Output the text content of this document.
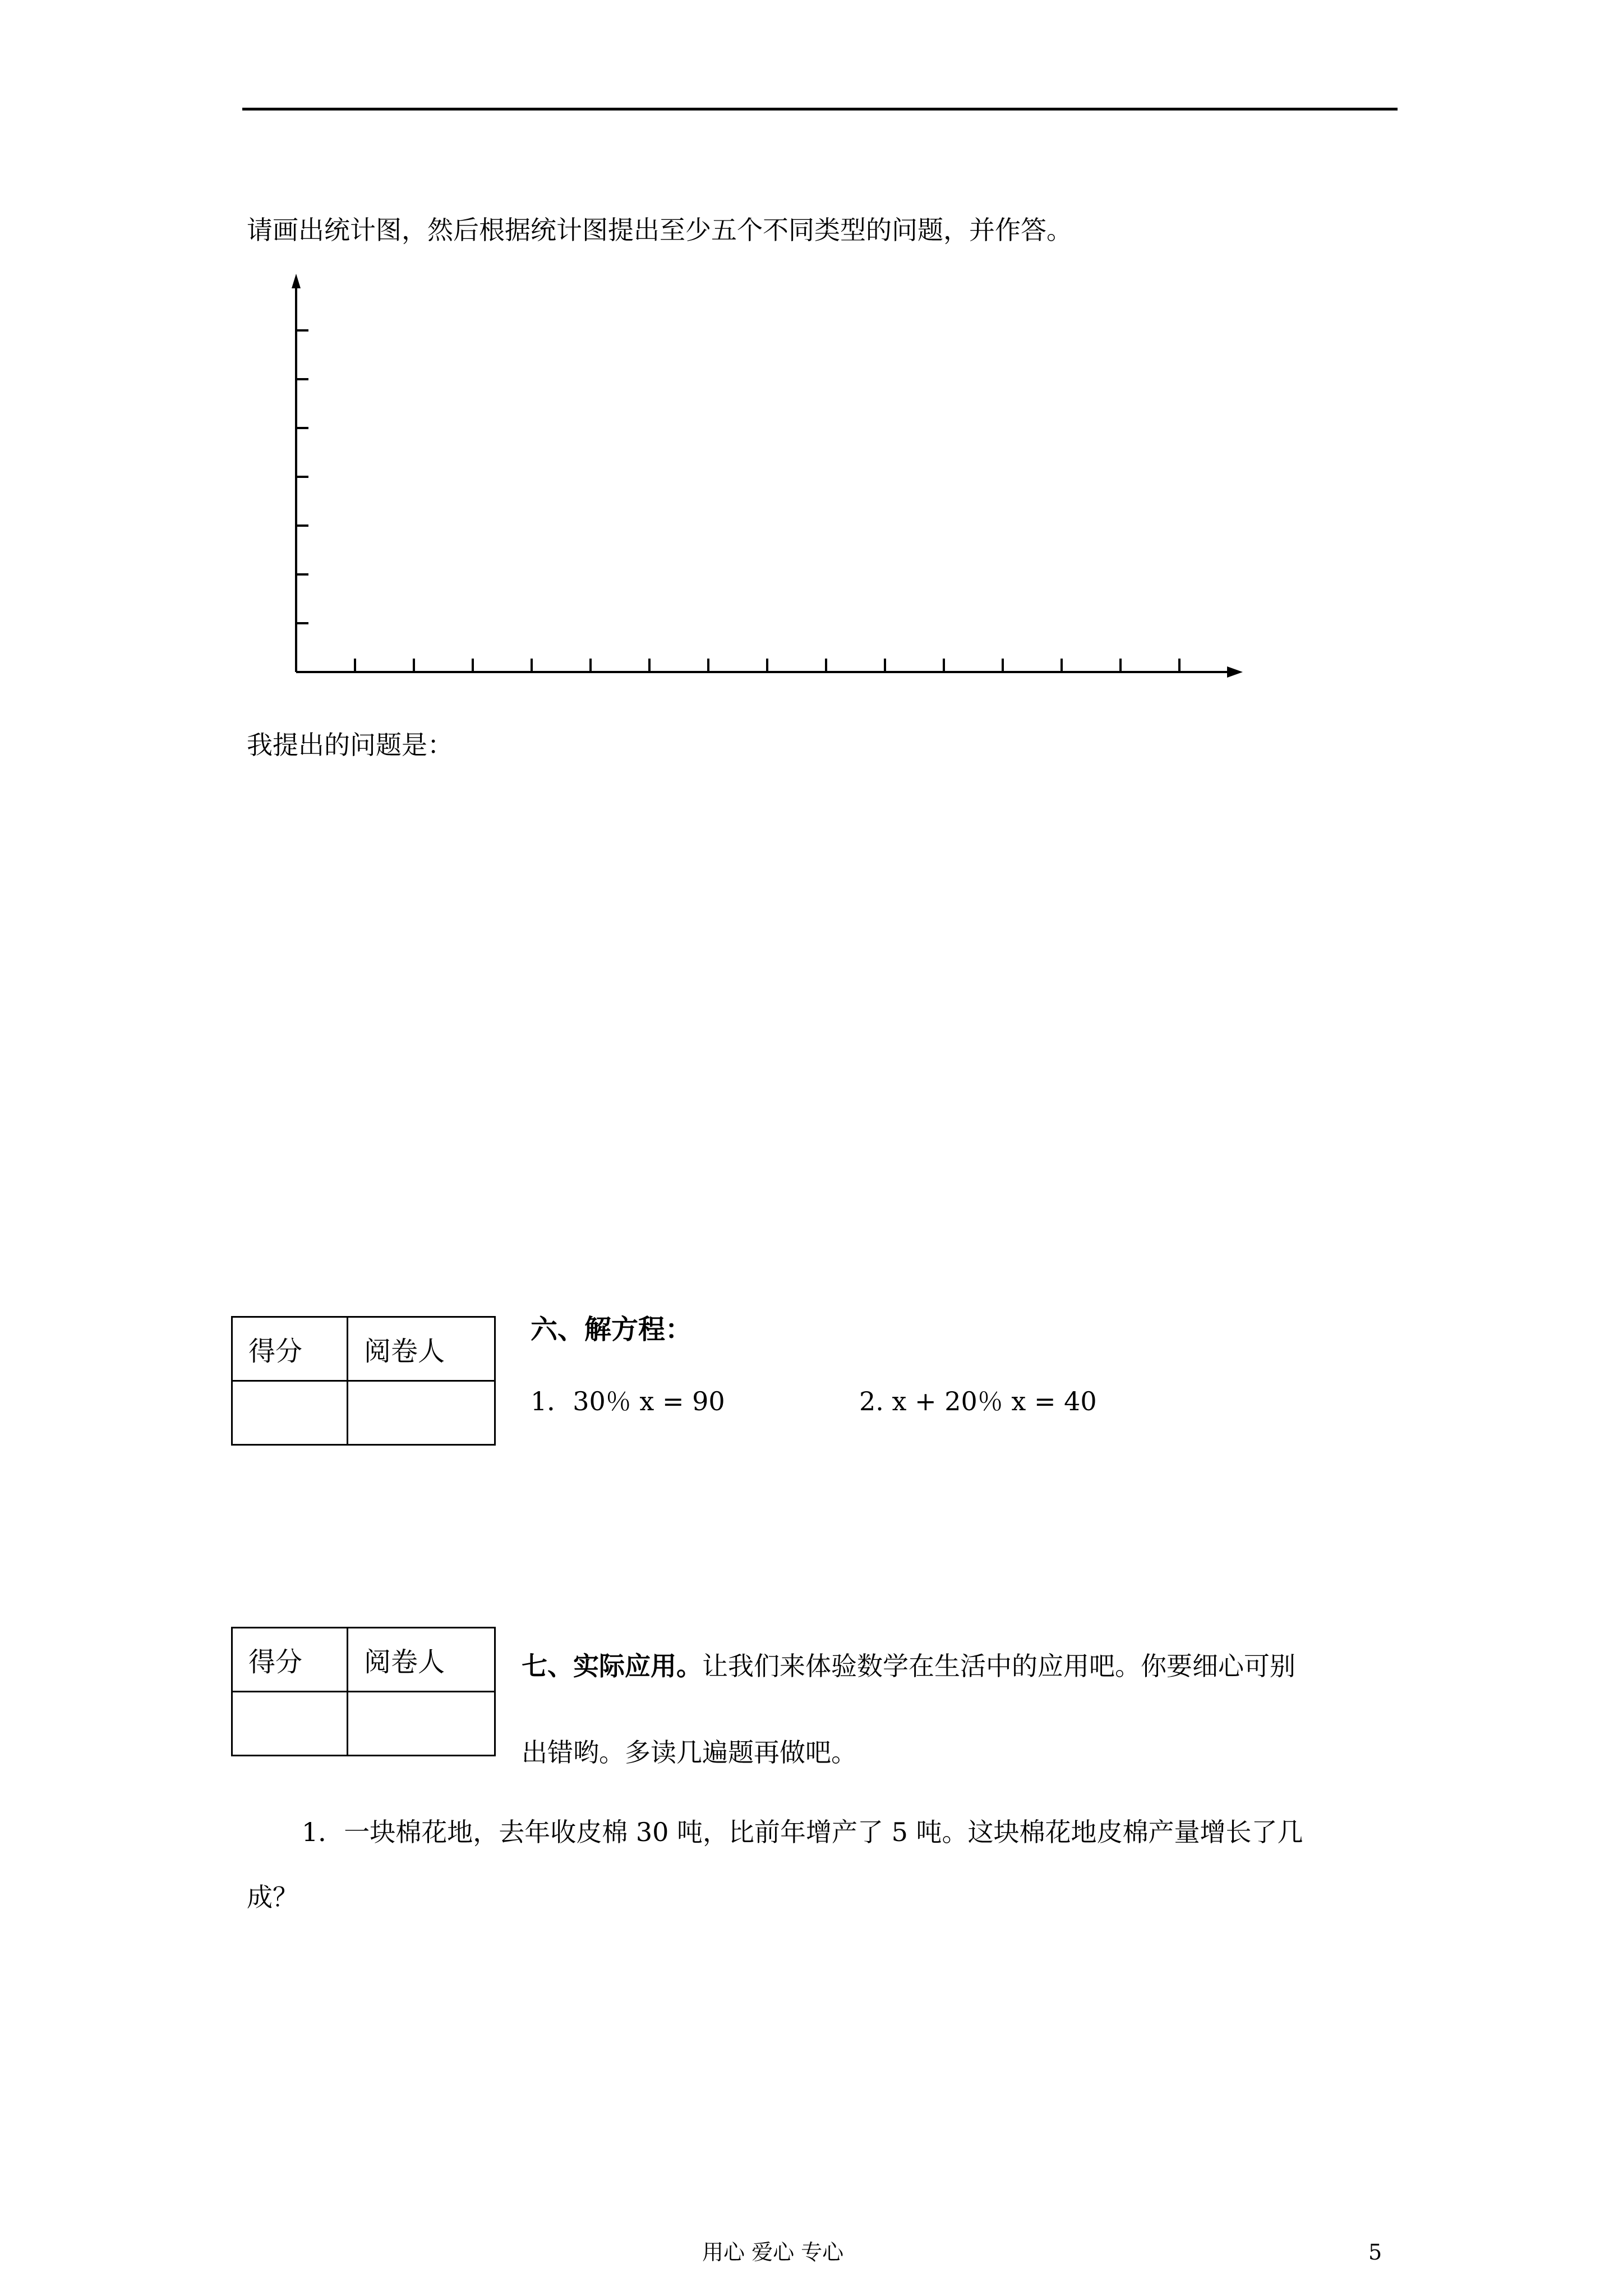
请画出统计图，然后根据统计图提出至少五个不同类型的问题，并作答。
我提出的问题是：
得分	阅卷人

六、解方程：
1．30％ x = 90	2. x + 20％ x = 40
得分	阅卷人
		七、实际应用。让我们来体验数学在生活中的应用吧。你要细心可别
出错哟。多读几遍题再做吧。
1．一块棉花地，去年收皮棉 30 吨，比前年增产了 5 吨。这块棉花地皮棉产量增长了几
成？
用心 爱心 专心	5
